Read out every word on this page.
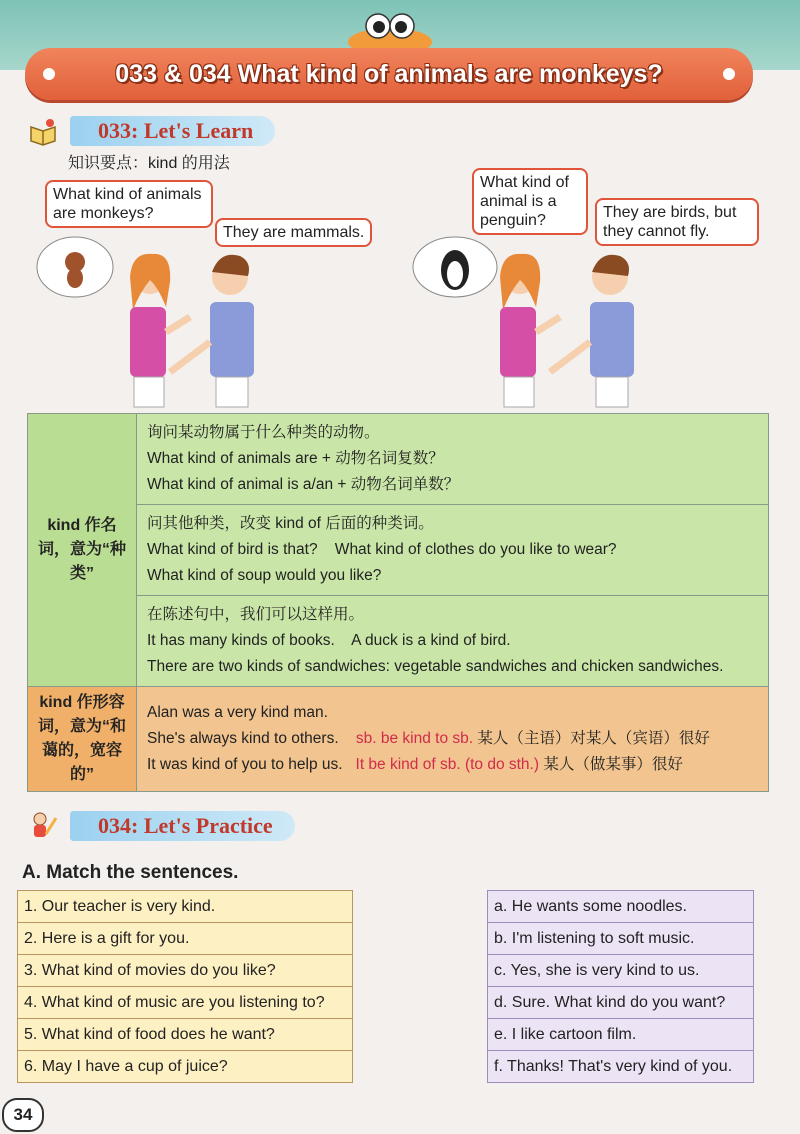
033 & 034 What kind of animals are monkeys?
033: Let's Learn
知识要点：kind 的用法
What kind of animals are monkeys?
They are mammals.
What kind of animal is a penguin?	They are birds, but they cannot fly.
kind 作名词，意为“种类”	询问某动物属于什么种类的动物。
What kind of animals are + 动物名词复数？
What kind of animal is a/an + 动物名词单数？

	问其他种类，改变 kind of 后面的种类词。
What kind of bird is that?    What kind of clothes do you like to wear?
What kind of soup would you like?

	在陈述句中，我们可以这样用。
It has many kinds of books.    A duck is a kind of bird.
There are two kinds of sandwiches: vegetable sandwiches and chicken sandwiches.

kind 作形容词，意为“和蔼的，宽容的”	Alan was a very kind man.
She's always kind to others. sb. be kind to sb. 某人（主语）对某人（宾语）很好
It was kind of you to help us. It be kind of sb. (to do sth.) 某人（做某事）很好
034: Let's Practice
A. Match the sentences.
1. Our teacher is very kind.
2. Here is a gift for you.
3. What kind of movies do you like?
4. What kind of music are you listening to?
5. What kind of food does he want?
6. May I have a cup of juice?
a. He wants some noodles.
b. I'm listening to soft music.
c. Yes, she is very kind to us.
d. Sure. What kind do you want?
e. I like cartoon film.
f. Thanks! That's very kind of you.
34
